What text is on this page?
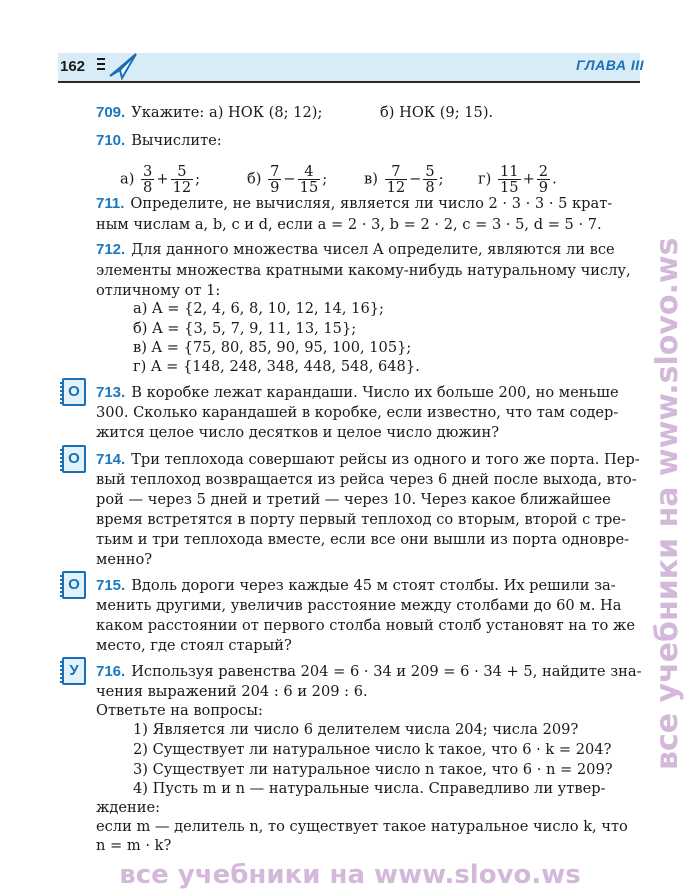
162	ГЛАВА III
709. Укажите: а) НОК (8; 12);	б) НОК (9; 15).
710. Вычислите:
$а) \frac{3}{8} + \frac{5}{12}$ ;	$б) \frac{7}{9} - \frac{4}{15}$ ;	$в) \frac{7}{12} - \frac{5}{8}$ ; $г) \frac{11}{15} + \frac{2}{9}$ .
711. Определите, не вычисляя, является ли число 2 · 3 · 3 · 5 крат-
ным числам a, b, c и d, если a = 2 · 3, b = 2 · 2, c = 3 · 5, d = 5 · 7.
712. Для данного множества чисел A определите, являются ли все
элементы множества кратными какому-нибудь натуральному числу,
отличному от 1:
а) A = {2, 4, 6, 8, 10, 12, 14, 16};
б) A = {3, 5, 7, 9, 11, 13, 15};
в) A = {75, 80, 85, 90, 95, 100, 105};
г) A = {148, 248, 348, 448, 548, 648}.
О	713. В коробке лежат карандаши. Число их больше 200, но меньше
300. Сколько карандашей в коробке, если известно, что там содер-
жится целое число десятков и целое число дюжин?
О	714. Три теплохода совершают рейсы из одного и того же порта. Пер-
вый теплоход возвращается из рейса через 6 дней после выхода, вто-
рой — через 5 дней и третий — через 10. Через какое ближайшее
время встретятся в порту первый теплоход со вторым, второй с тре-
тьим и три теплохода вместе, если все они вышли из порта одновре-
менно?
О	715. Вдоль дороги через каждые 45 м стоят столбы. Их решили за-
менить другими, увеличив расстояние между столбами до 60 м. На
каком расстоянии от первого столба новый столб установят на то же
место, где стоял старый?
У	716. Используя равенства 204 = 6 · 34 и 209 = 6 · 34 + 5, найдите зна-
чения выражений 204 : 6 и 209 : 6.
Ответьте на вопросы:
1) Является ли число 6 делителем числа 204; числа 209?
2) Существует ли натуральное число k такое, что 6 · k = 204?
3) Существует ли натуральное число n такое, что 6 · n = 209?
4) Пусть m и n — натуральные числа. Справедливо ли утвер-
ждение:
если m — делитель n, то существует такое натуральное число k, что
n = m · k?
все учебники на www.slovo.ws
все учебники на www.slovo.ws
